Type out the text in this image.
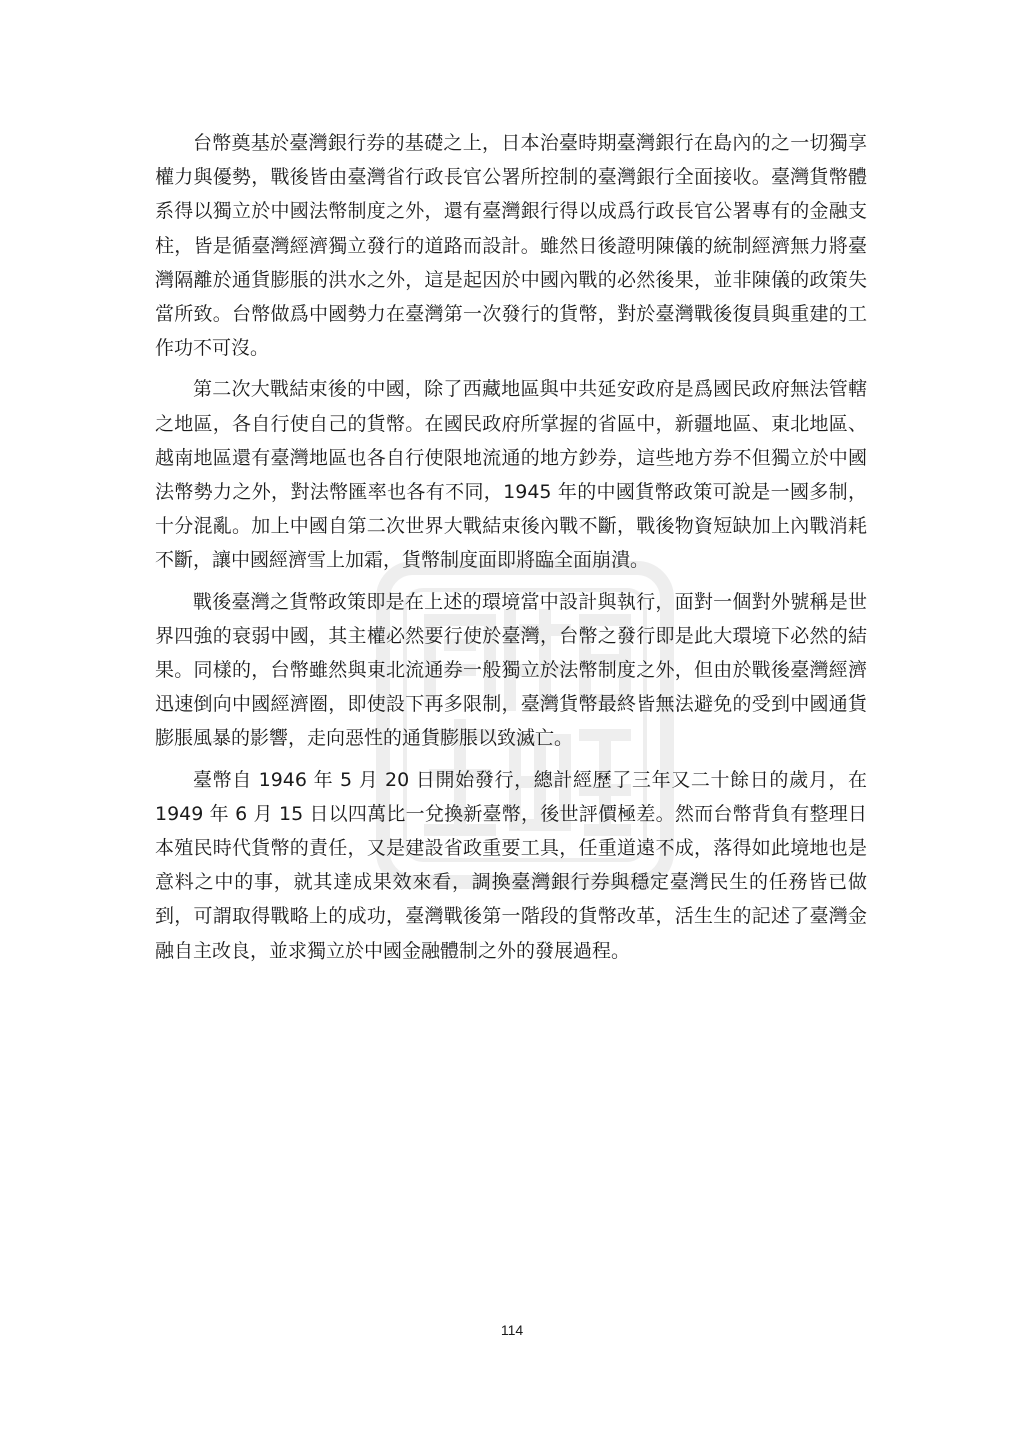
台幣奠基於臺灣銀行券的基礎之上，日本治臺時期臺灣銀行在島內的之一切獨享權力與優勢，戰後皆由臺灣省行政長官公署所控制的臺灣銀行全面接收。臺灣貨幣體系得以獨立於中國法幣制度之外，還有臺灣銀行得以成爲行政長官公署專有的金融支柱，皆是循臺灣經濟獨立發行的道路而設計。雖然日後證明陳儀的統制經濟無力將臺灣隔離於通貨膨脹的洪水之外，這是起因於中國內戰的必然後果，並非陳儀的政策失當所致。台幣做爲中國勢力在臺灣第一次發行的貨幣，對於臺灣戰後復員與重建的工作功不可沒。

第二次大戰結束後的中國，除了西藏地區與中共延安政府是爲國民政府無法管轄之地區，各自行使自己的貨幣。在國民政府所掌握的省區中，新疆地區、東北地區、越南地區還有臺灣地區也各自行使限地流通的地方鈔券，這些地方券不但獨立於中國法幣勢力之外，對法幣匯率也各有不同，1945 年的中國貨幣政策可說是一國多制，十分混亂。加上中國自第二次世界大戰結束後內戰不斷，戰後物資短缺加上內戰消耗不斷，讓中國經濟雪上加霜，貨幣制度面即將臨全面崩潰。

戰後臺灣之貨幣政策即是在上述的環境當中設計與執行，面對一個對外號稱是世界四強的衰弱中國，其主權必然要行使於臺灣，台幣之發行即是此大環境下必然的結果。同樣的，台幣雖然與東北流通券一般獨立於法幣制度之外，但由於戰後臺灣經濟迅速倒向中國經濟圈，即使設下再多限制，臺灣貨幣最終皆無法避免的受到中國通貨膨脹風暴的影響，走向惡性的通貨膨脹以致滅亡。

臺幣自 1946 年 5 月 20 日開始發行，總計經歷了三年又二十餘日的歲月，在 1949 年 6 月 15 日以四萬比一兌換新臺幣，後世評價極差。然而台幣背負有整理日本殖民時代貨幣的責任，又是建設省政重要工具，任重道遠不成，落得如此境地也是意料之中的事，就其達成果效來看，調換臺灣銀行券與穩定臺灣民生的任務皆已做到，可謂取得戰略上的成功，臺灣戰後第一階段的貨幣改革，活生生的記述了臺灣金融自主改良，並求獨立於中國金融體制之外的發展過程。

114
